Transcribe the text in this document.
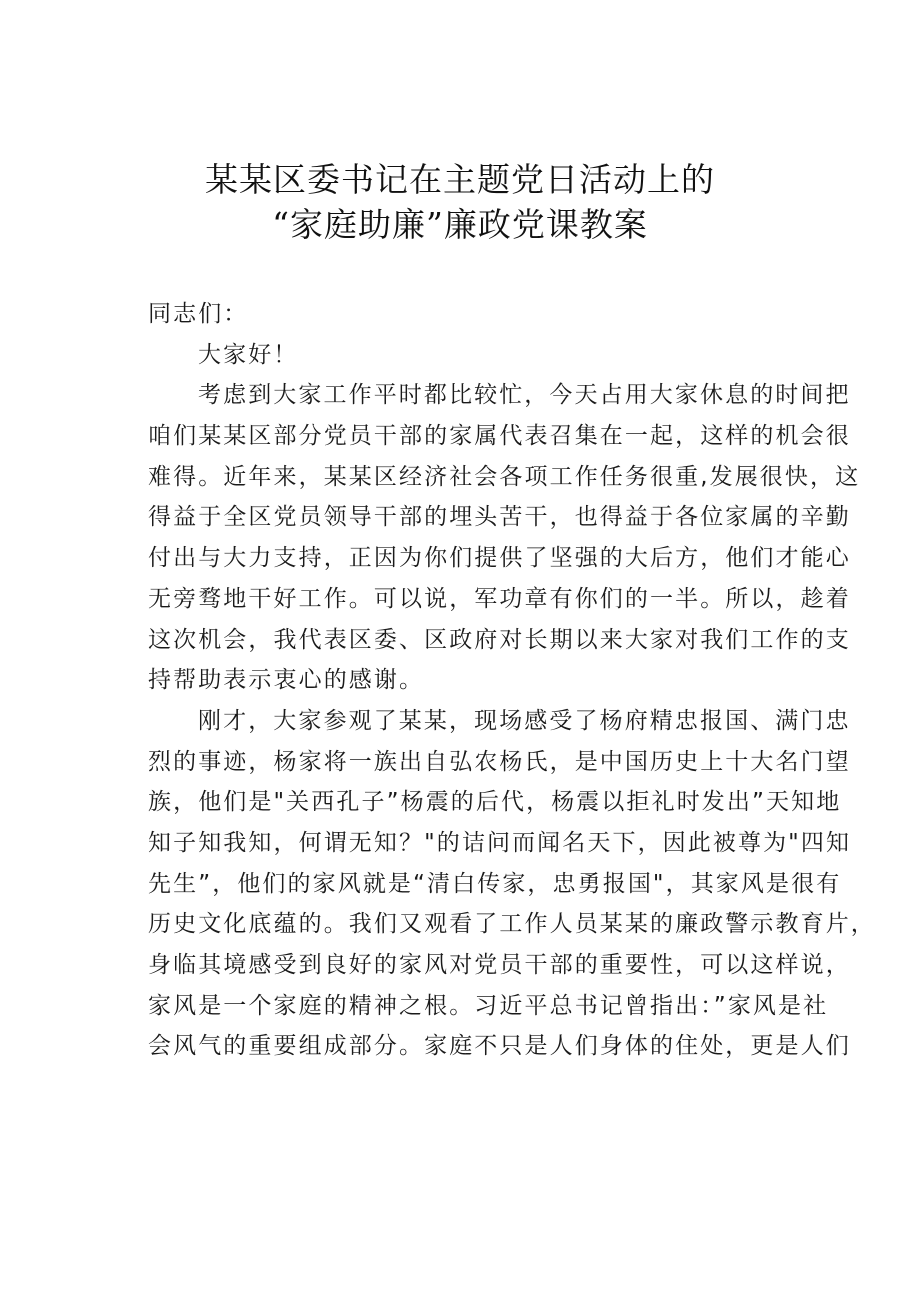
某某区委书记在主题党日活动上的
“家庭助廉”廉政党课教案
同志们：
大家好！
考虑到大家工作平时都比较忙，今天占用大家休息的时间把
咱们某某区部分党员干部的家属代表召集在一起，这样的机会很
难得。近年来，某某区经济社会各项工作任务很重,发展很快，这
得益于全区党员领导干部的埋头苦干，也得益于各位家属的辛勤
付出与大力支持，正因为你们提供了坚强的大后方，他们才能心
无旁骛地干好工作。可以说，军功章有你们的一半。所以，趁着
这次机会，我代表区委、区政府对长期以来大家对我们工作的支
持帮助表示衷心的感谢。
刚才，大家参观了某某，现场感受了杨府精忠报国、满门忠
烈的事迹，杨家将一族出自弘农杨氏，是中国历史上十大名门望
族，他们是"关西孔子”杨震的后代，杨震以拒礼时发出”天知地
知子知我知，何谓无知？"的诘问而闻名天下，因此被尊为"四知
先生”，他们的家风就是“清白传家，忠勇报国"，其家风是很有
历史文化底蕴的。我们又观看了工作人员某某的廉政警示教育片，
身临其境感受到良好的家风对党员干部的重要性，可以这样说，
家风是一个家庭的精神之根。习近平总书记曾指出：”家风是社
会风气的重要组成部分。家庭不只是人们身体的住处，更是人们
